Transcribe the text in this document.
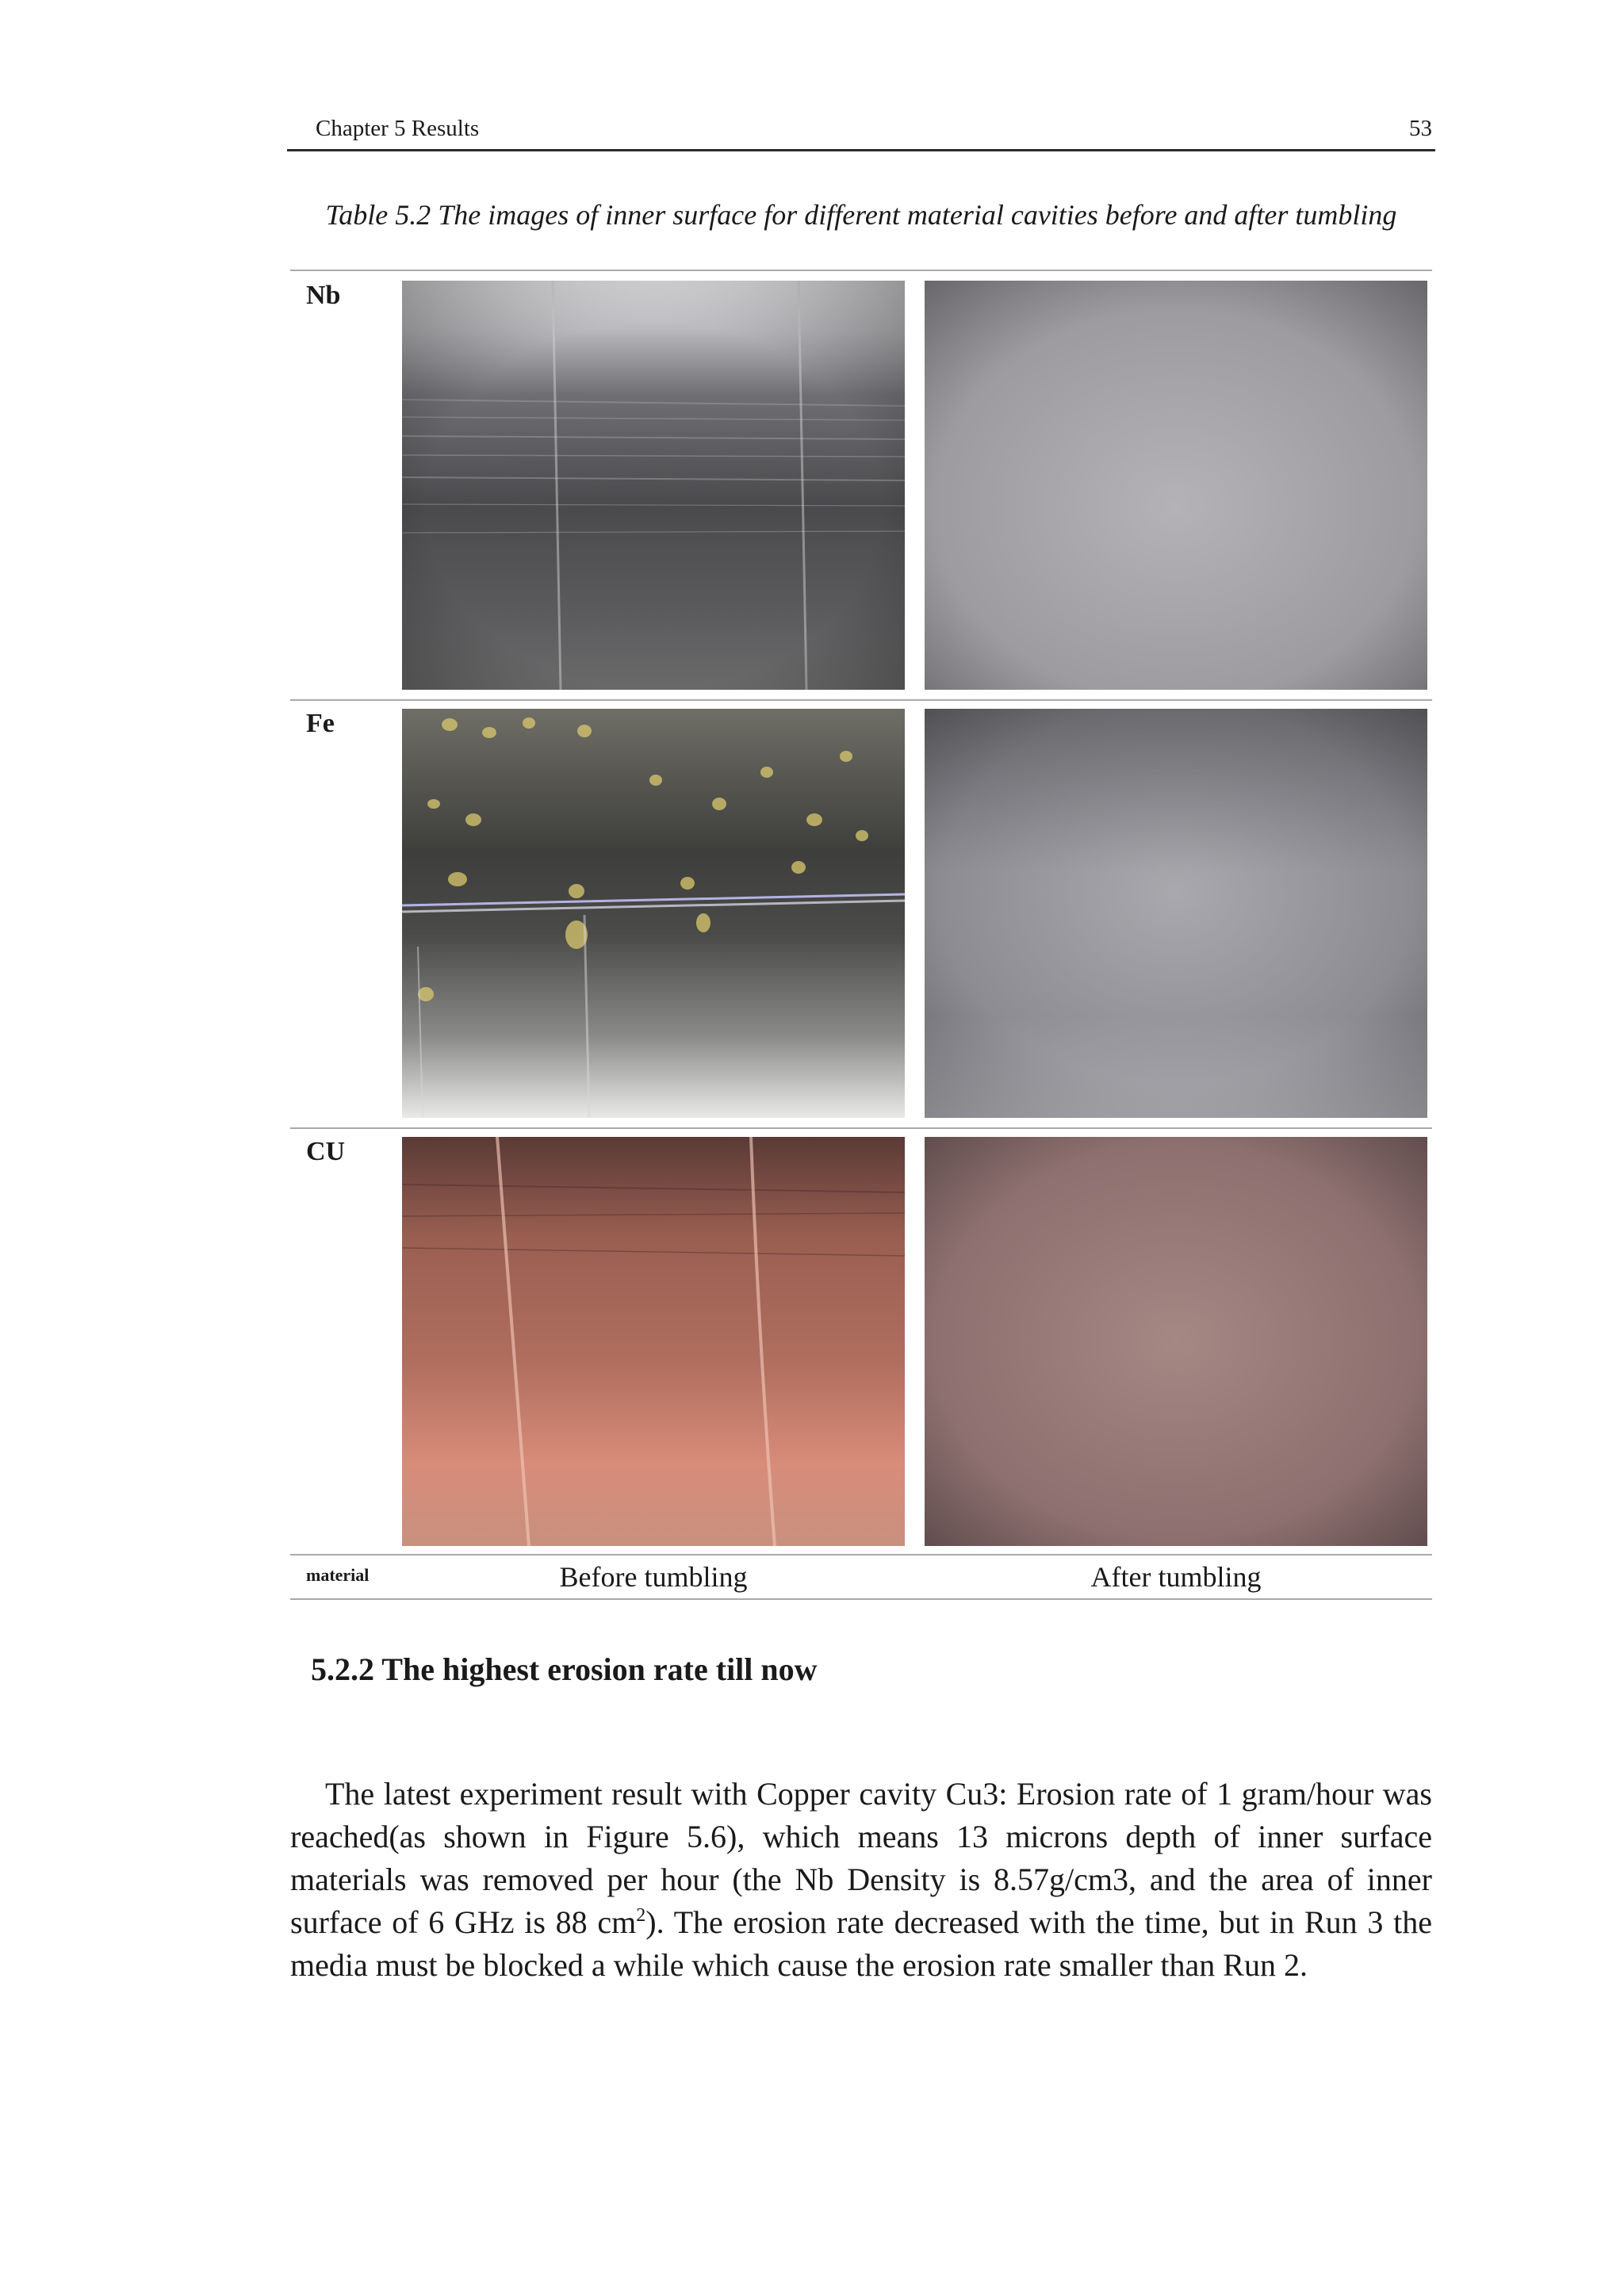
Chapter 5 Results	53
Table 5.2 The images of inner surface for different material cavities before and after tumbling
Nb
Fe
CU
material	Before tumbling	After tumbling
5.2.2 The highest erosion rate till now

The latest experiment result with Copper cavity Cu3: Erosion rate of 1 gram/hour was reached(as shown in Figure 5.6), which means 13 microns depth of inner surface materials was removed per hour (the Nb Density is 8.57g/cm3, and the area of inner surface of 6 GHz is 88 $cm^2$). The erosion rate decreased with the time, but in Run 3 the media must be blocked a while which cause the erosion rate smaller than Run 2.
